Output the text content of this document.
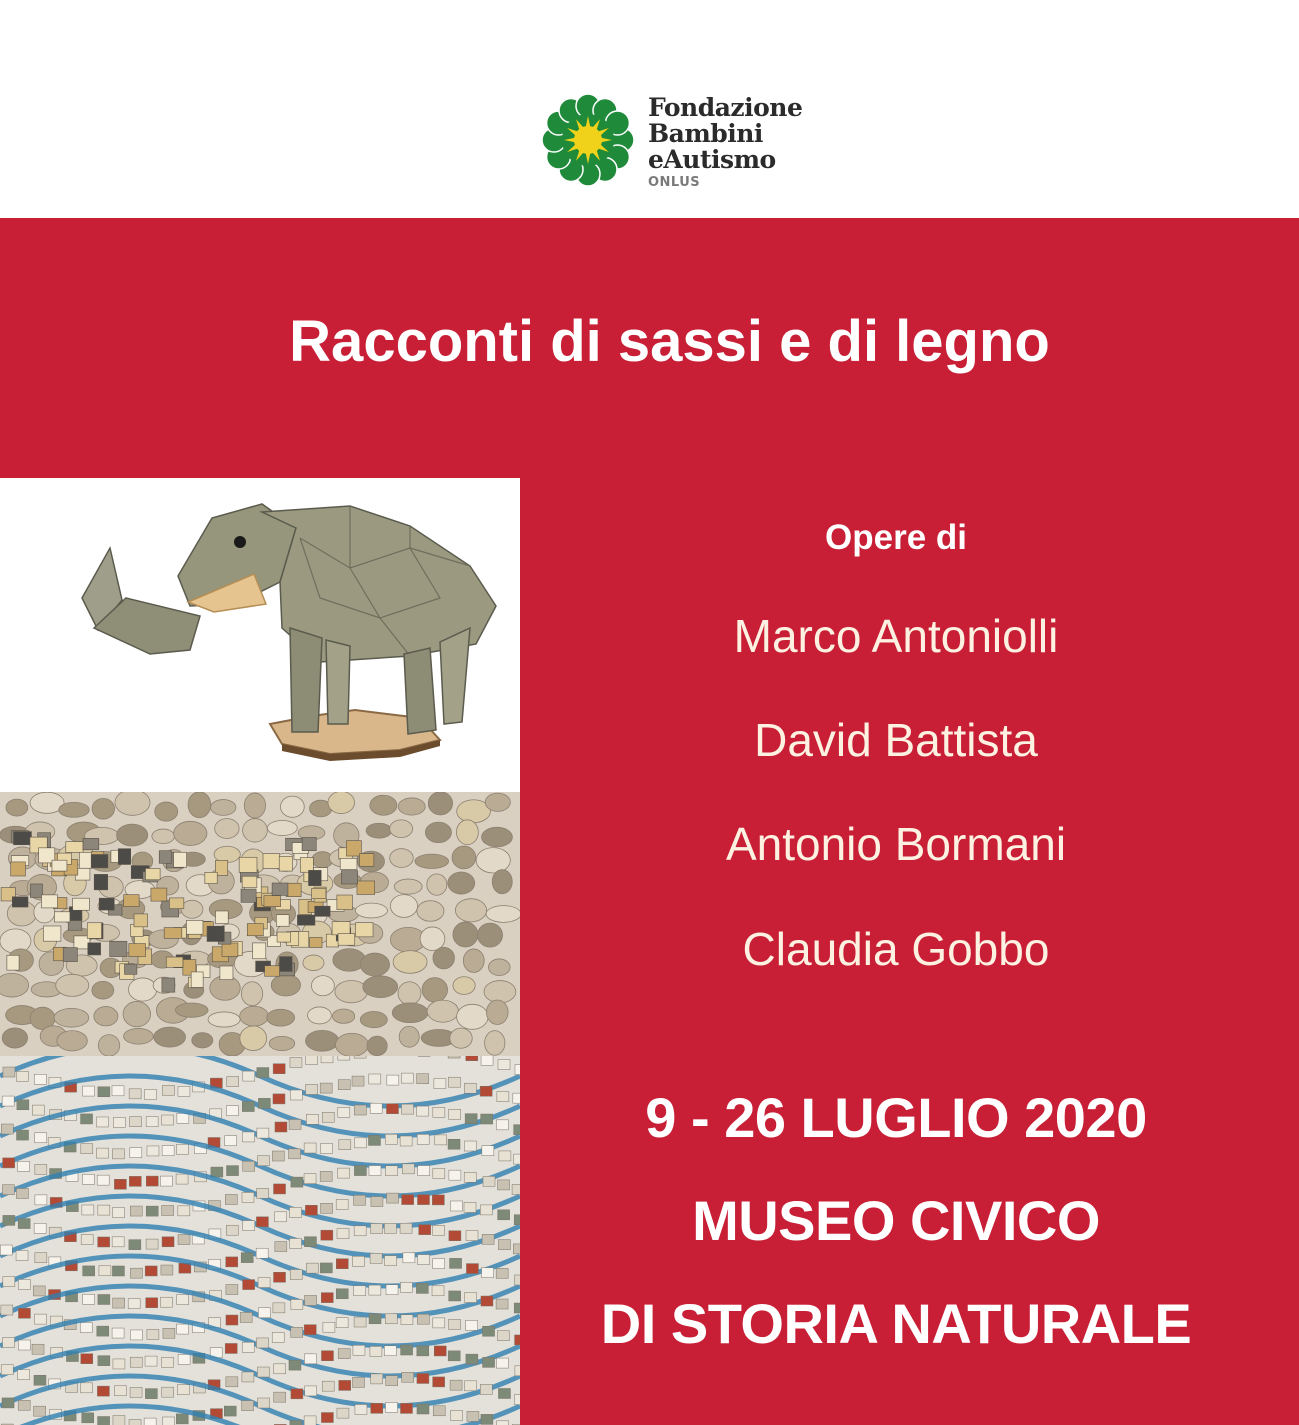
Fondazione
Bambini
eAutismo
ONLUS
Racconti di sassi e di legno
Opere di
Marco Antoniolli
David Battista
Antonio Bormani
Claudia Gobbo
9 - 26 LUGLIO 2020
MUSEO CIVICO
DI STORIA NATURALE
